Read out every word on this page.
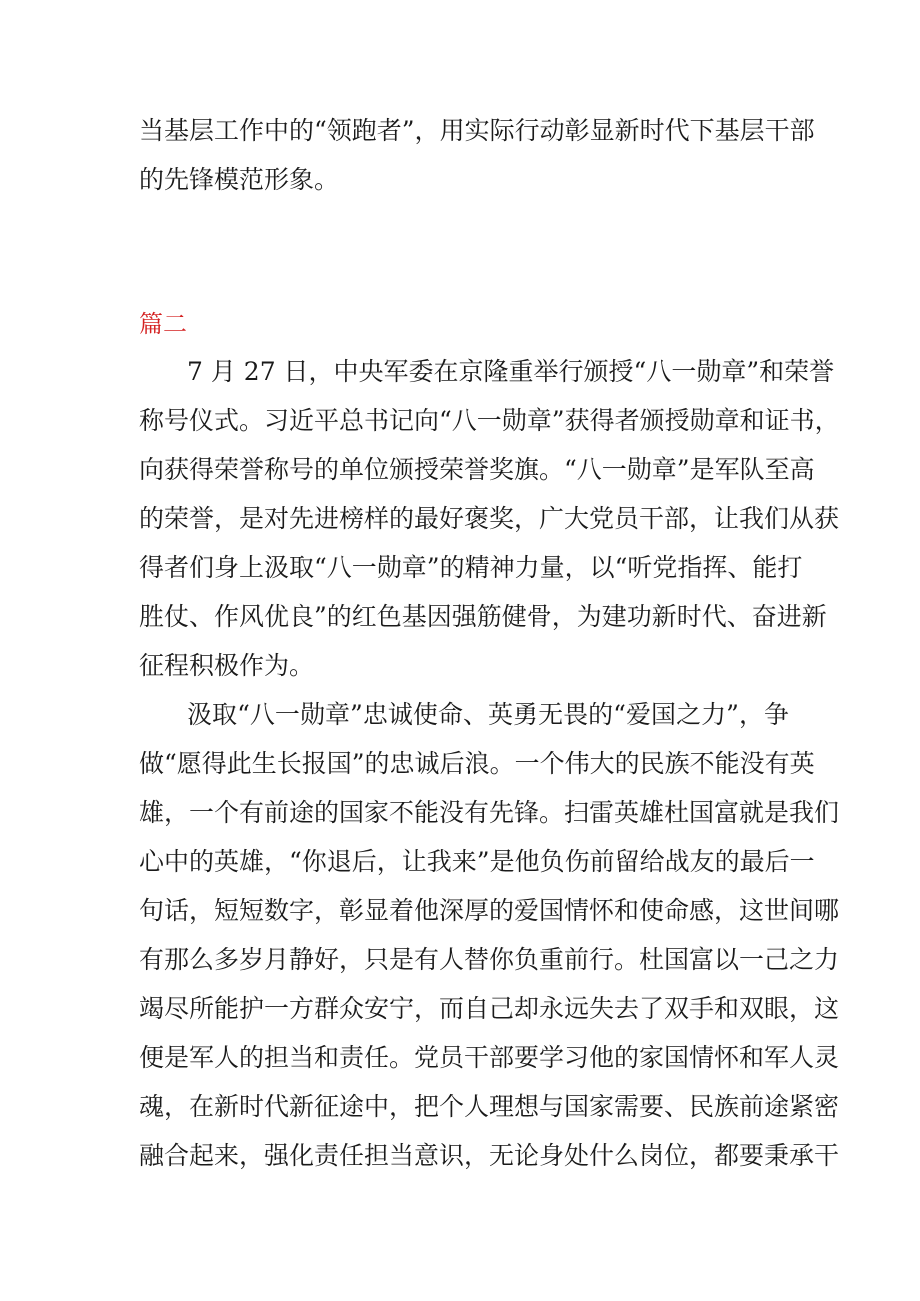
当基层工作中的“领跑者”，用实际行动彰显新时代下基层干部
的先锋模范形象。
篇二
7 月 27 日，中央军委在京隆重举行颁授“八一勋章”和荣誉
称号仪式。习近平总书记向“八一勋章”获得者颁授勋章和证书，
向获得荣誉称号的单位颁授荣誉奖旗。“八一勋章”是军队至高
的荣誉，是对先进榜样的最好褒奖，广大党员干部，让我们从获
得者们身上汲取“八一勋章”的精神力量，以“听党指挥、能打
胜仗、作风优良”的红色基因强筋健骨，为建功新时代、奋进新
征程积极作为。
汲取“八一勋章”忠诚使命、英勇无畏的“爱国之力”，争
做“愿得此生长报国”的忠诚后浪。一个伟大的民族不能没有英
雄，一个有前途的国家不能没有先锋。扫雷英雄杜国富就是我们
心中的英雄，“你退后，让我来”是他负伤前留给战友的最后一
句话，短短数字，彰显着他深厚的爱国情怀和使命感，这世间哪
有那么多岁月静好，只是有人替你负重前行。杜国富以一己之力
竭尽所能护一方群众安宁，而自己却永远失去了双手和双眼，这
便是军人的担当和责任。党员干部要学习他的家国情怀和军人灵
魂，在新时代新征途中，把个人理想与国家需要、民族前途紧密
融合起来，强化责任担当意识，无论身处什么岗位，都要秉承干
